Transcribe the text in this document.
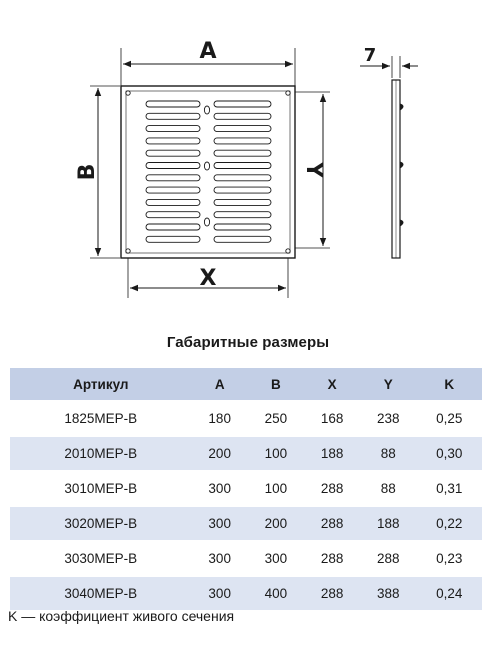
A
B
X
Y
7
Габаритные размеры
Артикул	A	B	X	Y	K
1825MEP-B	180	250	168	238	0,25
2010MEP-B	200	100	188	88	0,30
3010MEP-B	300	100	288	88	0,31
3020MEP-B	300	200	288	188	0,22
3030MEP-B	300	300	288	288	0,23
3040MEP-B	300	400	288	388	0,24
K — коэффициент живого сечения
